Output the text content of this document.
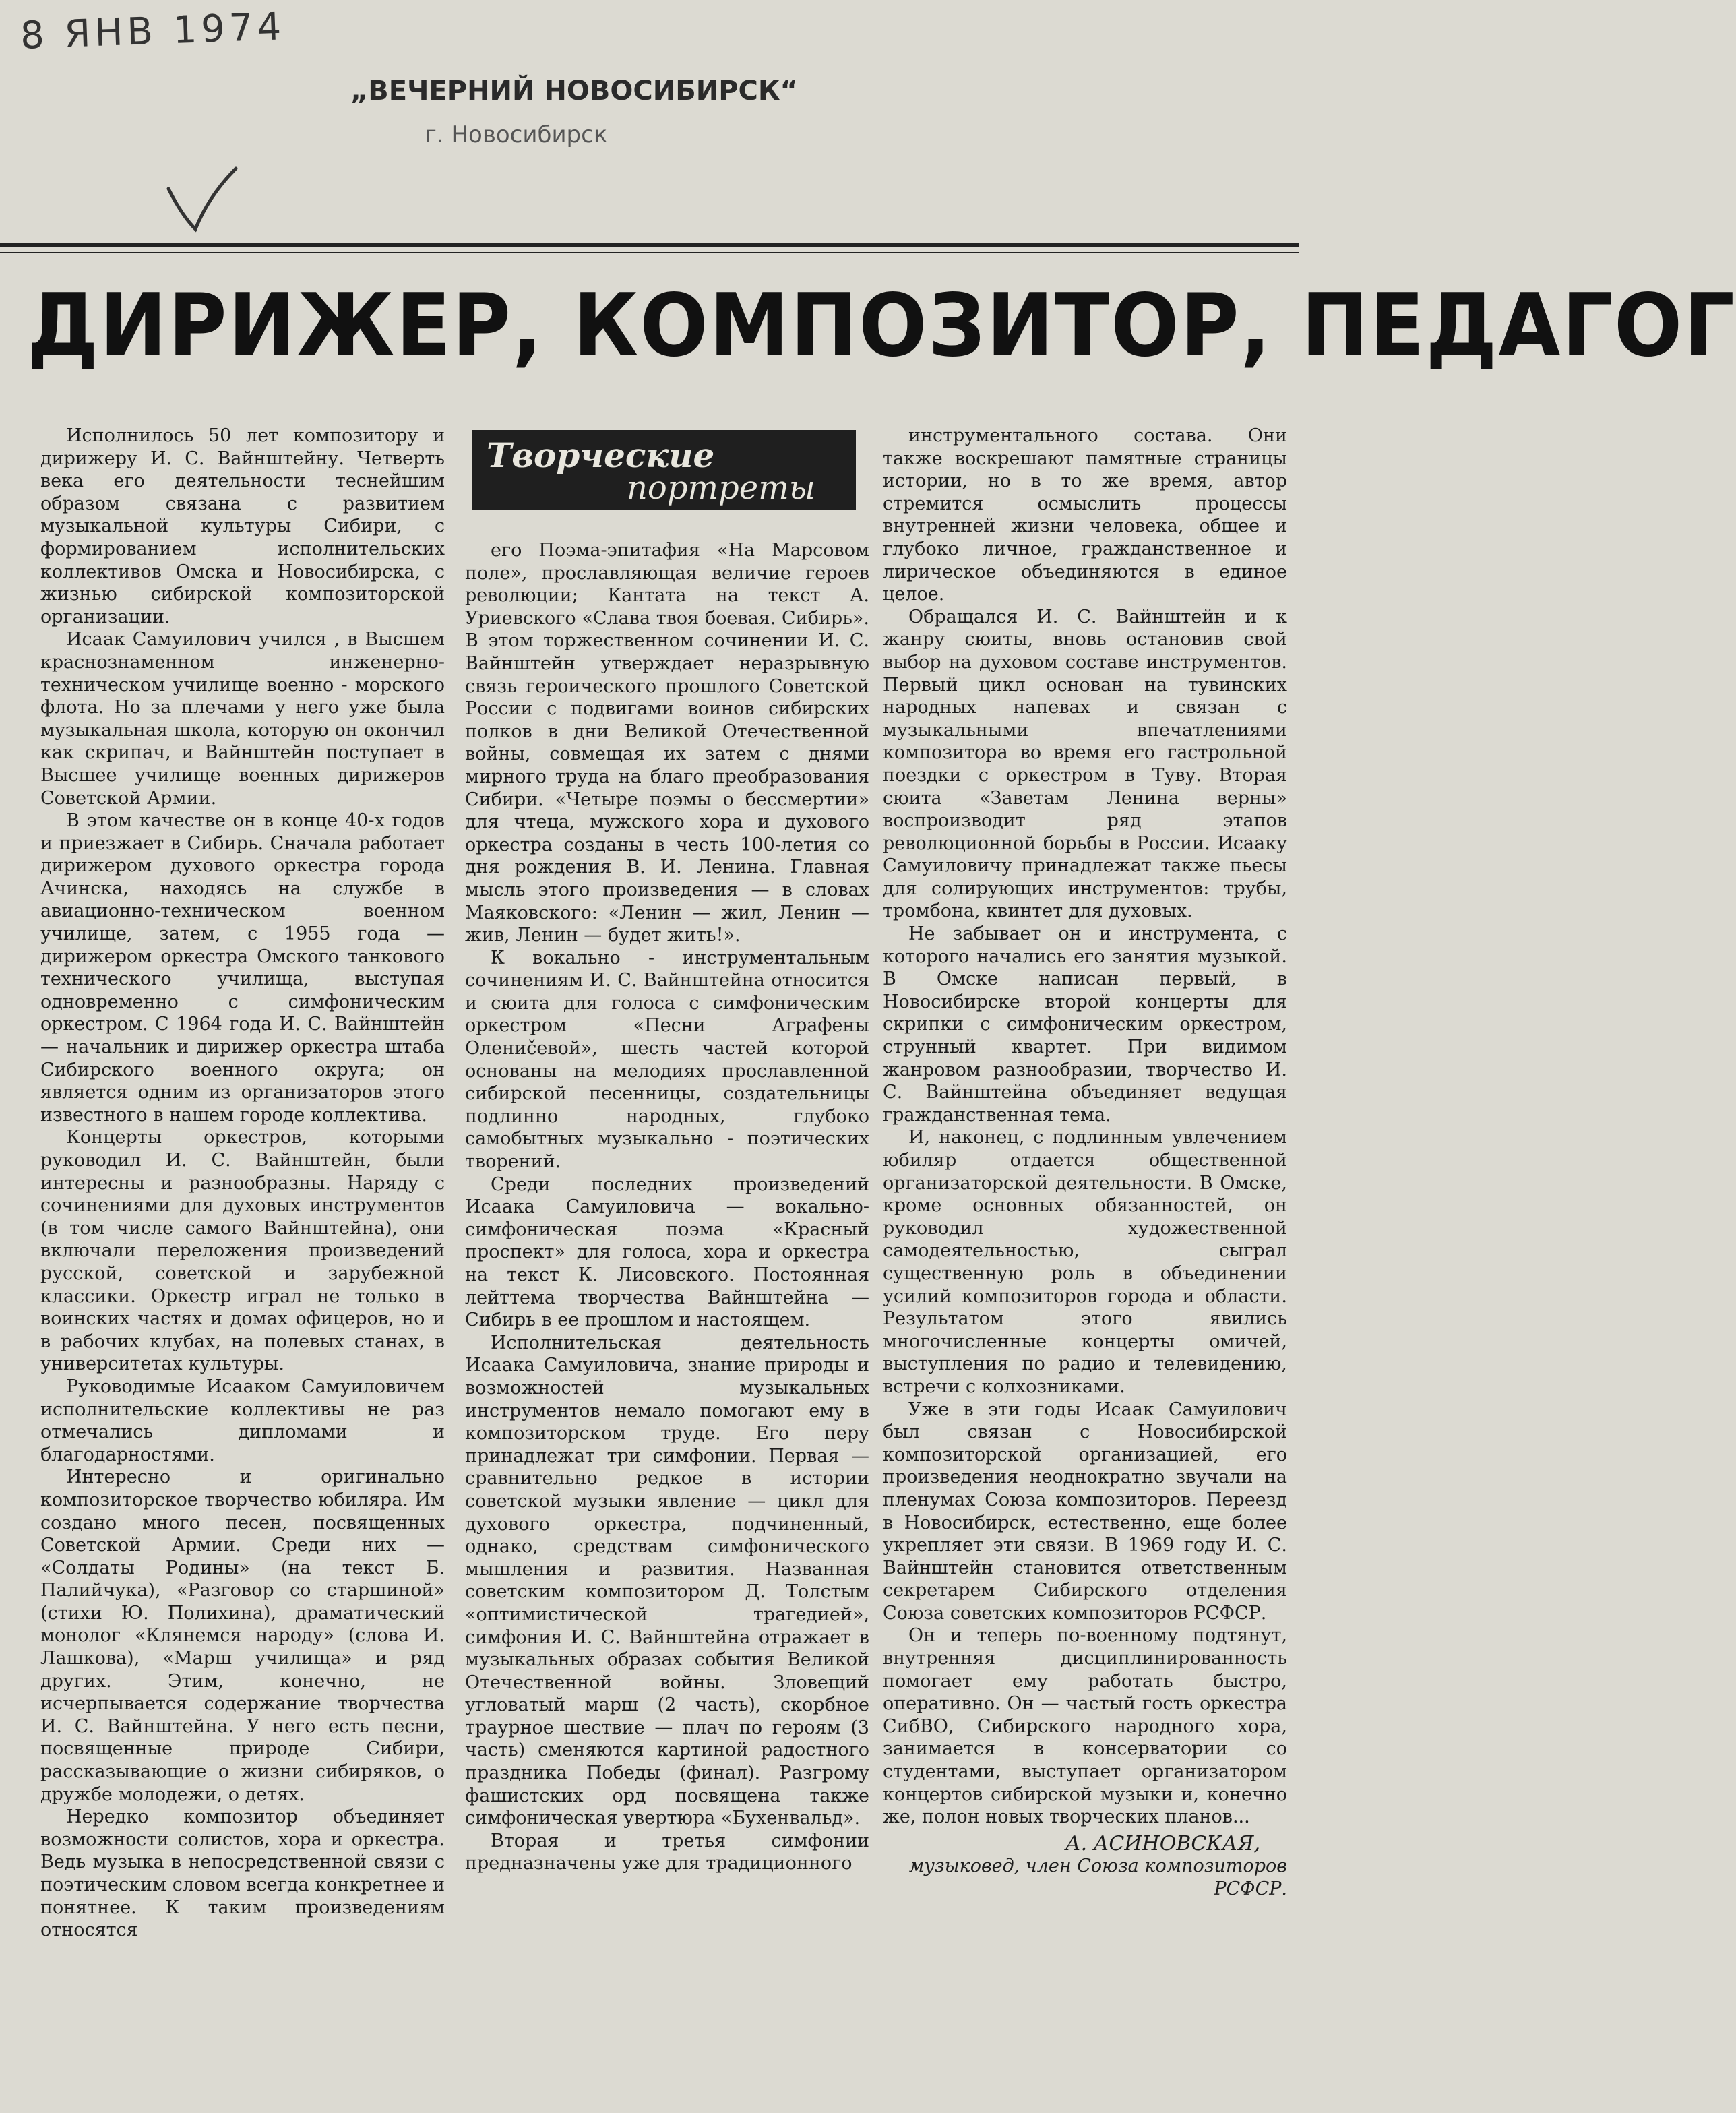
8 ЯНВ 1974
„ВЕЧЕРНИЙ НОВОСИБИРСК“
г. Новосибирск
ДИРИЖЕР, КОМПОЗИТОР, ПЕДАГОГ
Творческие
портреты

Исполнилось 50 лет композитору и дирижеру И. С. Вайнштейну. Четверть века его деятельности теснейшим образом связана с развитием музыкальной культуры Сибири, с формированием исполнительских коллективов Омска и Новосибирска, с жизнью сибирской композиторской организации.

Исаак Самуилович учился , в Высшем краснознаменном инженерно-техническом училище военно - морского флота. Но за плечами у него уже была музыкальная школа, которую он окончил как скрипач, и Вайнштейн поступает в Высшее училище военных дирижеров Советской Армии.

В этом качестве он в конце 40-х годов и приезжает в Сибирь. Сначала работает дирижером духового оркестра города Ачинска, находясь на службе в авиационно-техническом военном училище, затем, с 1955 года — дирижером оркестра Омского танкового технического училища, выступая одновременно с симфоническим оркестром. С 1964 года И. С. Вайнштейн — начальник и дирижер оркестра штаба Сибирского военного округа; он является одним из организаторов этого известного в нашем городе коллектива.

Концерты оркестров, которыми руководил И. С. Вайнштейн, были интересны и разнообразны. Наряду с сочинениями для духовых инструментов (в том числе самого Вайнштейна), они включали переложения произведений русской, советской и зарубежной классики. Оркестр играл не только в воинских частях и домах офицеров, но и в рабочих клубах, на полевых станах, в университетах культуры.

Руководимые Исааком Самуиловичем исполнительские коллективы не раз отмечались дипломами и благодарностями.

Интересно и оригинально композиторское творчество юбиляра. Им создано много песен, посвященных Советской Армии. Среди них — «Солдаты Родины» (на текст Б. Палийчука), «Разговор со старшиной» (стихи Ю. Полихина), драматический монолог «Клянемся народу» (слова И. Лашкова), «Марш училища» и ряд других. Этим, конечно, не исчерпывается содержание творчества И. С. Вайнштейна. У него есть песни, посвященные природе Сибири, рассказывающие о жизни сибиряков, о дружбе молодежи, о детях.

Нередко композитор объединяет возможности солистов, хора и оркестра. Ведь музыка в непосредственной связи с поэтическим словом всегда конкретнее и понятнее. К таким произведениям относятся

его Поэма-эпитафия «На Марсовом поле», прославляющая величие героев революции; Кантата на текст А. Уриевского «Слава твоя боевая. Сибирь». В этом торжественном сочинении И. С. Вайнштейн утверждает неразрывную связь героического прошлого Советской России с подвигами воинов сибирских полков в дни Великой Отечественной войны, совмещая их затем с днями мирного труда на благо преобразования Сибири. «Четыре поэмы о бессмертии» для чтеца, мужского хора и духового оркестра созданы в честь 100-летия со дня рождения В. И. Ленина. Главная мысль этого произведения — в словах Маяковского: «Ленин — жил, Ленин — жив, Ленин — будет жить!».

К вокально - инструментальным сочинениям И. С. Вайнштейна относится и сюита для голоса с симфоническим оркестром «Песни Аграфены Олениčевой», шесть частей которой основаны на мелодиях прославленной сибирской песенницы, создательницы подлинно народных, глубоко самобытных музыкально - поэтических творений.

Среди последних произведений Исаака Самуиловича — вокально-симфоническая поэма «Красный проспект» для голоса, хора и оркестра на текст К. Лисовского. Постоянная лейттема творчества Вайнштейна — Сибирь в ее прошлом и настоящем.

Исполнительская деятельность Исаака Самуиловича, знание природы и возможностей музыкальных инструментов немало помогают ему в композиторском труде. Его перу принадлежат три симфонии. Первая — сравнительно редкое в истории советской музыки явление — цикл для духового оркестра, подчиненный, однако, средствам симфонического мышления и развития. Названная советским композитором Д. Толстым «оптимистической трагедией», симфония И. С. Вайнштейна отражает в музыкальных образах события Великой Отечественной войны. Зловещий угловатый марш (2 часть), скорбное траурное шествие — плач по героям (3 часть) сменяются картиной радостного праздника Победы (финал). Разгрому фашистских орд посвящена также симфоническая увертюра «Бухенвальд».

Вторая и третья симфонии предназначены уже для традиционного

инструментального состава. Они также воскрешают памятные страницы истории, но в то же время, автор стремится осмыслить процессы внутренней жизни человека, общее и глубоко личное, гражданственное и лирическое объединяются в единое целое.

Обращался И. С. Вайнштейн и к жанру сюиты, вновь остановив свой выбор на духовом составе инструментов. Первый цикл основан на тувинских народных напевах и связан с музыкальными впечатлениями композитора во время его гастрольной поездки с оркестром в Туву. Вторая сюита «Заветам Ленина верны» воспроизводит ряд этапов революционной борьбы в России. Исааку Самуиловичу принадлежат также пьесы для солирующих инструментов: трубы, тромбона, квинтет для духовых.

Не забывает он и инструмента, с которого начались его занятия музыкой. В Омске написан первый, в Новосибирске второй концерты для скрипки с симфоническим оркестром, струнный квартет. При видимом жанровом разнообразии, творчество И. С. Вайнштейна объединяет ведущая гражданственная тема.

И, наконец, с подлинным увлечением юбиляр отдается общественной организаторской деятельности. В Омске, кроме основных обязанностей, он руководил художественной самодеятельностью, сыграл существенную роль в объединении усилий композиторов города и области. Результатом этого явились многочисленные концерты омичей, выступления по радио и телевидению, встречи с колхозниками.

Уже в эти годы Исаак Самуилович был связан с Новосибирской композиторской организацией, его произведения неоднократно звучали на пленумах Союза композиторов. Переезд в Новосибирск, естественно, еще более укрепляет эти связи. В 1969 году И. С. Вайнштейн становится ответственным секретарем Сибирского отделения Союза советских композиторов РСФСР.

Он и теперь по-военному подтянут, внутренняя дисциплинированность помогает ему работать быстро, оперативно. Он — частый гость оркестра СибВО, Сибирского народного хора, занимается в консерватории со студентами, выступает организатором концертов сибирской музыки и, конечно же, полон новых творческих планов...

А. АСИНОВСКАЯ,
музыковед, член Союза композиторов РСФСР.
